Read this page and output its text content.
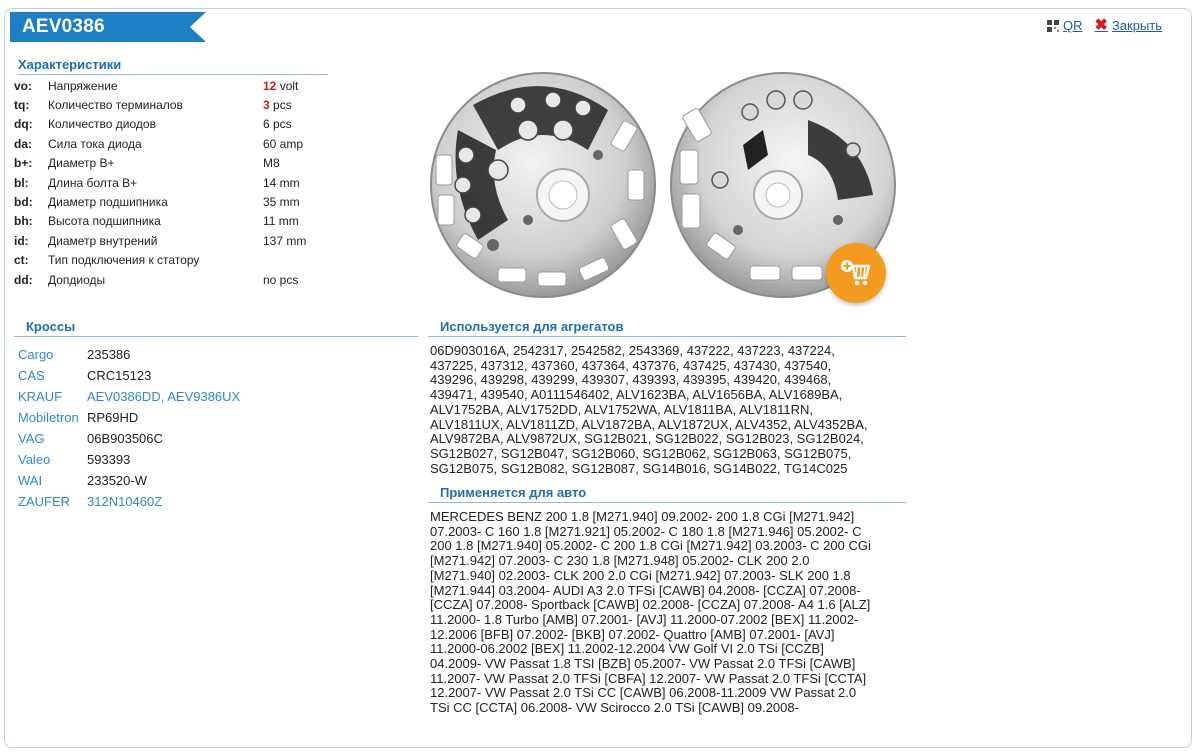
AEV0386	QR ✖ Закрыть
Характеристики
vo:	Напряжение	12 volt
tq:	Количество терминалов	3 pcs
dq:	Количество диодов	6 pcs
da:	Сила тока диода	60 amp
b+:	Диаметр B+	M8
bl:	Длина болта B+	14 mm
bd:	Диаметр подшипника	35 mm
bh:	Высота подшипника	11 mm
id:	Диаметр внутрений	137 mm
ct:	Тип подключения к статору
dd:	Допдиоды	no pcs
Кроссы
Cargo	235386
CAS	CRC15123
KRAUF	AEV0386DD, AEV9386UX
Mobiletron RP69HD
VAG	06B903506C
Valeo	593393
WAI	233520-W
ZAUFER	312N10460Z
Используется для агрегатов
06D903016A, 2542317, 2542582, 2543369, 437222, 437223, 437224,
437225, 437312, 437360, 437364, 437376, 437425, 437430, 437540,
439296, 439298, 439299, 439307, 439393, 439395, 439420, 439468,
439471, 439540, A0111546402, ALV1623BA, ALV1656BA, ALV1689BA,
ALV1752BA, ALV1752DD, ALV1752WA, ALV1811BA, ALV1811RN,
ALV1811UX, ALV1811ZD, ALV1872BA, ALV1872UX, ALV4352, ALV4352BA,
ALV9872BA, ALV9872UX, SG12B021, SG12B022, SG12B023, SG12B024,
SG12B027, SG12B047, SG12B060, SG12B062, SG12B063, SG12B075,
SG12B075, SG12B082, SG12B087, SG14B016, SG14B022, TG14C025
Применяется для авто
MERCEDES BENZ 200 1.8 [M271.940] 09.2002- 200 1.8 CGi [M271.942]
07.2003- C 160 1.8 [M271.921] 05.2002- C 180 1.8 [M271.946] 05.2002- C
200 1.8 [M271.940] 05.2002- C 200 1.8 CGi [M271.942] 03.2003- C 200 CGi
[M271.942] 07.2003- C 230 1.8 [M271.948] 05.2002- CLK 200 2.0
[M271.940] 02.2003- CLK 200 2.0 CGi [M271.942] 07.2003- SLK 200 1.8
[M271.944] 03.2004- AUDI A3 2.0 TFSi [CAWB] 04.2008- [CCZA] 07.2008-
[CCZA] 07.2008- Sportback [CAWB] 02.2008- [CCZA] 07.2008- A4 1.6 [ALZ]
11.2000- 1.8 Turbo [AMB] 07.2001- [AVJ] 11.2000-07.2002 [BEX] 11.2002-
12.2006 [BFB] 07.2002- [BKB] 07.2002- Quattro [AMB] 07.2001- [AVJ]
11.2000-06.2002 [BEX] 11.2002-12.2004 VW Golf VI 2.0 TSi [CCZB]
04.2009- VW Passat 1.8 TSI [BZB] 05.2007- VW Passat 2.0 TFSi [CAWB]
11.2007- VW Passat 2.0 TFSi [CBFA] 12.2007- VW Passat 2.0 TFSi [CCTA]
12.2007- VW Passat 2.0 TSi CC [CAWB] 06.2008-11.2009 VW Passat 2.0
TSi CC [CCTA] 06.2008- VW Scirocco 2.0 TSi [CAWB] 09.2008-
